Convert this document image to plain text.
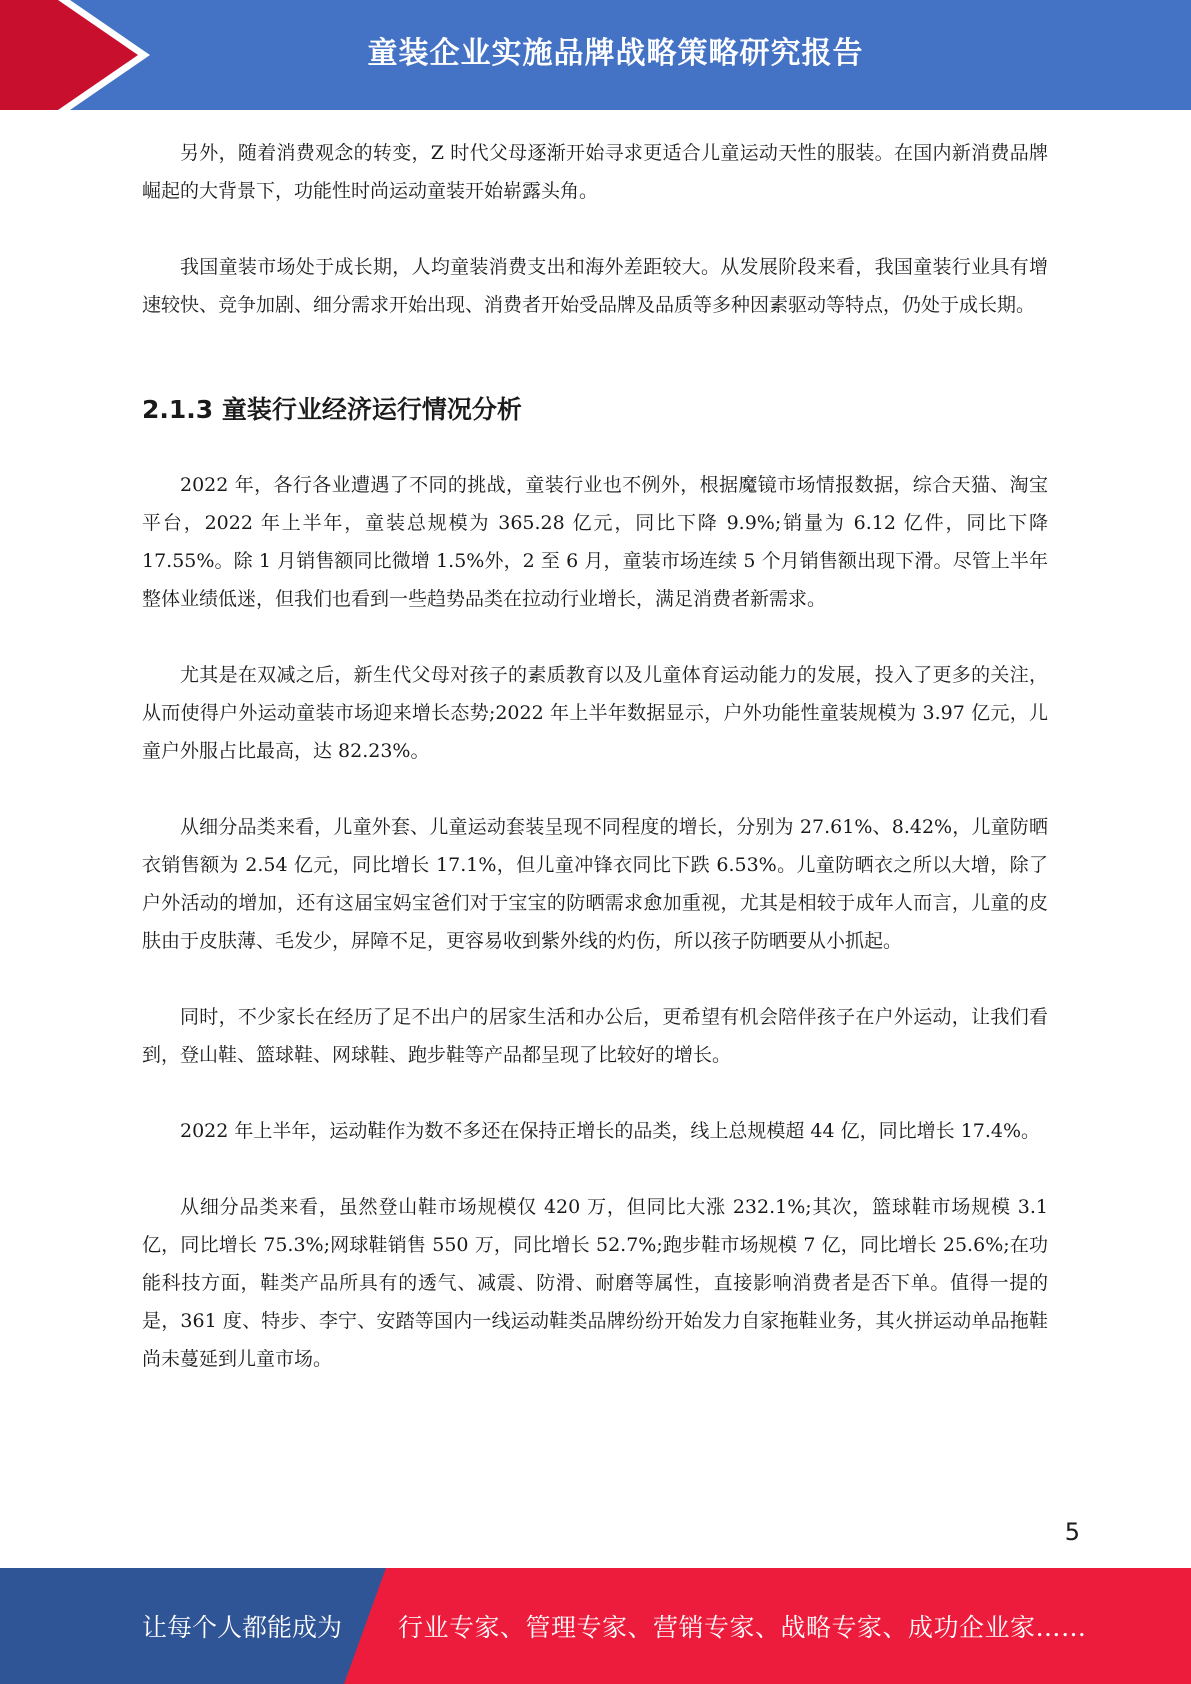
童装企业实施品牌战略策略研究报告

另外，随着消费观念的转变，Z 时代父母逐渐开始寻求更适合儿童运动天性的服装。在国内新消费品牌崛起的大背景下，功能性时尚运动童装开始崭露头角。

我国童装市场处于成长期，人均童装消费支出和海外差距较大。从发展阶段来看，我国童装行业具有增速较快、竞争加剧、细分需求开始出现、消费者开始受品牌及品质等多种因素驱动等特点，仍处于成长期。

2.1.3 童装行业经济运行情况分析

2022 年，各行各业遭遇了不同的挑战，童装行业也不例外，根据魔镜市场情报数据，综合天猫、淘宝平台，2022 年上半年，童装总规模为 365.28 亿元，同比下降 9.9%;销量为 6.12 亿件，同比下降 17.55%。除 1 月销售额同比微增 1.5%外，2 至 6 月，童装市场连续 5 个月销售额出现下滑。尽管上半年整体业绩低迷，但我们也看到一些趋势品类在拉动行业增长，满足消费者新需求。

尤其是在双减之后，新生代父母对孩子的素质教育以及儿童体育运动能力的发展，投入了更多的关注，从而使得户外运动童装市场迎来增长态势;2022 年上半年数据显示，户外功能性童装规模为 3.97 亿元，儿童户外服占比最高，达 82.23%。

从细分品类来看，儿童外套、儿童运动套装呈现不同程度的增长，分别为 27.61%、8.42%，儿童防晒衣销售额为 2.54 亿元，同比增长 17.1%，但儿童冲锋衣同比下跌 6.53%。儿童防晒衣之所以大增，除了户外活动的增加，还有这届宝妈宝爸们对于宝宝的防晒需求愈加重视，尤其是相较于成年人而言，儿童的皮肤由于皮肤薄、毛发少，屏障不足，更容易收到紫外线的灼伤，所以孩子防晒要从小抓起。

同时，不少家长在经历了足不出户的居家生活和办公后，更希望有机会陪伴孩子在户外运动，让我们看到，登山鞋、篮球鞋、网球鞋、跑步鞋等产品都呈现了比较好的增长。

2022 年上半年，运动鞋作为数不多还在保持正增长的品类，线上总规模超 44 亿，同比增长 17.4%。

从细分品类来看，虽然登山鞋市场规模仅 420 万，但同比大涨 232.1%;其次，篮球鞋市场规模 3.1 亿，同比增长 75.3%;网球鞋销售 550 万，同比增长 52.7%;跑步鞋市场规模 7 亿，同比增长 25.6%;在功能科技方面，鞋类产品所具有的透气、减震、防滑、耐磨等属性，直接影响消费者是否下单。值得一提的是，361 度、特步、李宁、安踏等国内一线运动鞋类品牌纷纷开始发力自家拖鞋业务，其火拼运动单品拖鞋尚未蔓延到儿童市场。

5
让每个人都能成为 行业专家、管理专家、营销专家、战略专家、成功企业家……
